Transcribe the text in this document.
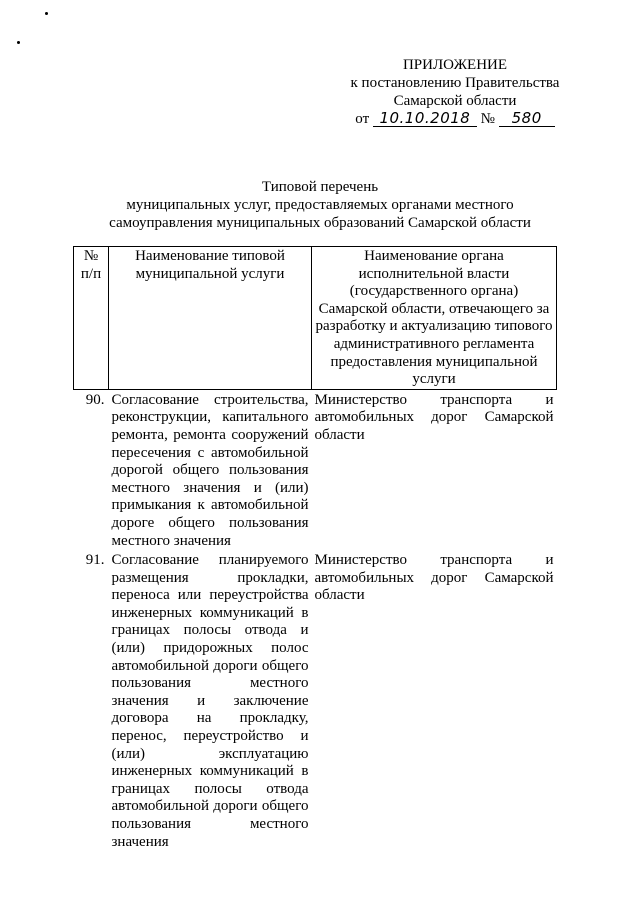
ПРИЛОЖЕНИЕ
к постановлению Правительства
Самарской области
от 10.10.2018 № 580
Типовой перечень
муниципальных услуг, предоставляемых органами местного
самоуправления муниципальных образований Самарской области
№ п/п	Наименование типовой муниципальной услуги	Наименование органа исполнительной власти (государственного органа) Самарской области, отвечающего за разработку и актуализацию типового административного регламента предоставления муниципальной услуги
90.	Согласование строительства, реконструкции, капитального ремонта, ремонта сооружений пересечения с автомобильной дорогой общего пользования местного значения и (или) примыкания к автомобильной дороге общего пользования местного значения	Министерство транспорта и автомобильных дорог Самарской области
91.	Согласование планируемого размещения прокладки, переноса или переустройства инженерных коммуникаций в границах полосы отвода и (или) придорожных полос автомобильной дороги общего пользования местного значения и заключение договора на прокладку, перенос, переустройство и (или) эксплуатацию инженерных коммуникаций в границах полосы отвода автомобильной дороги общего пользования местного значения	Министерство транспорта и автомобильных дорог Самарской области
